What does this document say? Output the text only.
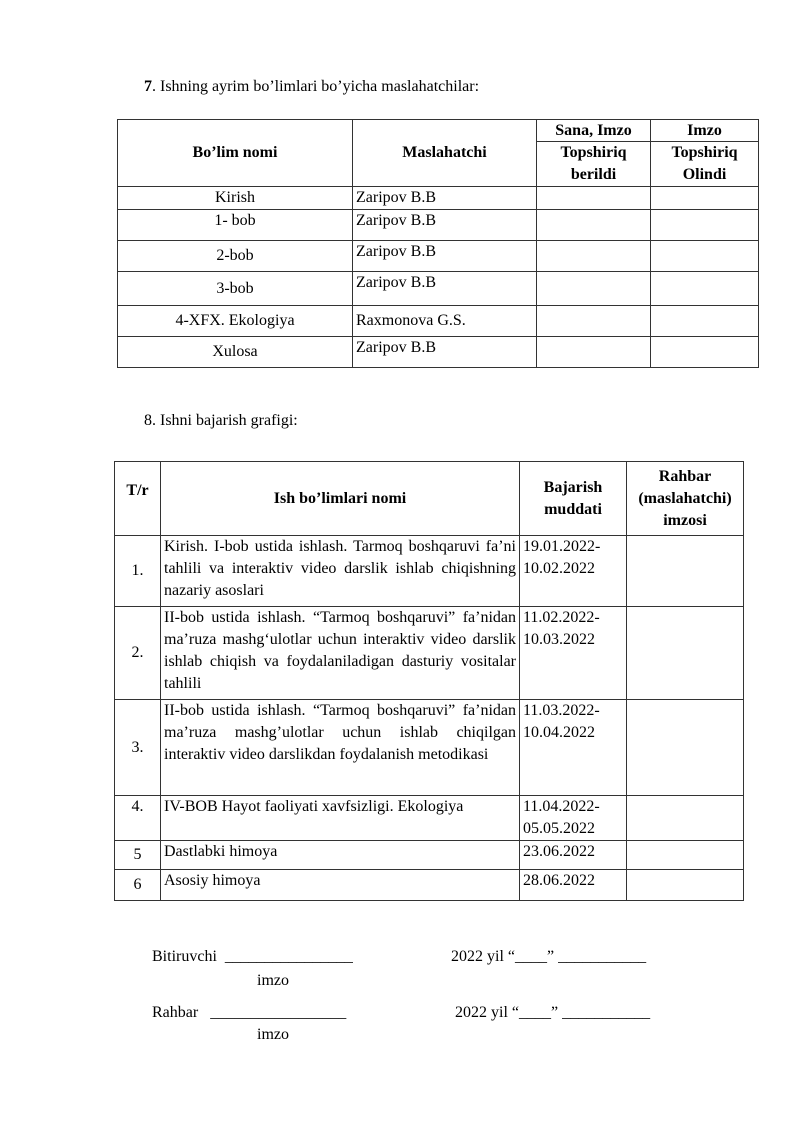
7. Ishning ayrim bo’limlari bo’yicha maslahatchilar:
Bo’lim nomi	Maslahatchi	Sana, Imzo	Imzo
		Topshiriq berildi	Topshiriq Olindi
Kirish	Zaripov B.B		
1- bob	Zaripov B.B		
2-bob	Zaripov B.B		
3-bob	Zaripov B.B		
4-XFX. Ekologiya	Raxmonova G.S.		
Xulosa	Zaripov B.B		
8. Ishni bajarish grafigi:
T/r	Ish bo’limlari nomi	Bajarish muddati	Rahbar (maslahatchi) imzosi
1.	Kirish. I-bob ustida ishlash. Tarmoq boshqaruvi fa’ni tahlili va interaktiv video darslik ishlab chiqishning nazariy asoslari	19.01.2022-10.02.2022	
2.	II-bob ustida ishlash. “Tarmoq boshqaruvi” fa’nidan ma’ruza mashg‘ulotlar uchun interaktiv video darslik ishlab chiqish va foydalaniladigan dasturiy vositalar tahlili	11.02.2022-10.03.2022	
3.	II-bob ustida ishlash. “Tarmoq boshqaruvi” fa’nidan ma’ruza mashg’ulotlar uchun ishlab chiqilgan interaktiv video darslikdan foydalanish metodikasi	11.03.2022-10.04.2022	
4.	IV-BOB Hayot faoliyati xavfsizligi. Ekologiya	11.04.2022-05.05.2022	
5	Dastlabki himoya	23.06.2022	
6	Asosiy himoya	28.06.2022	
Bitiruvchi ________________	2022 yil “____” ___________
imzo
Rahbar _________________	2022 yil “____” ___________
imzo
